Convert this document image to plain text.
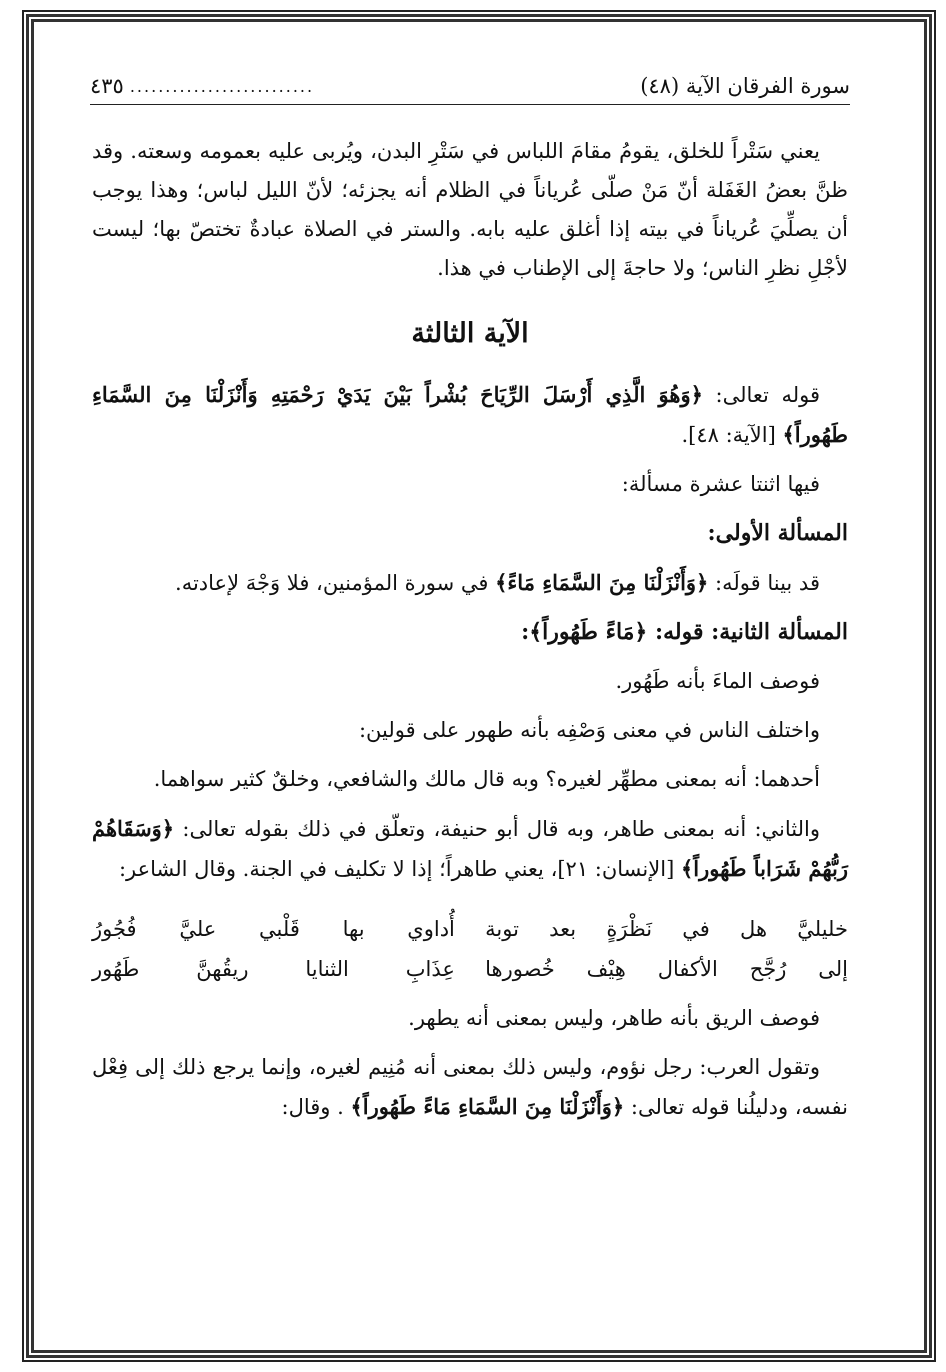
سورة الفرقان الآية (٤٨)
..........................
٤٣٥

يعني سَتْراً للخلق، يقومُ مقامَ اللباس في سَتْرِ البدن، ويُربى عليه بعمومه وسعته. وقد ظنَّ بعضُ الغَفَلة أنّ مَنْ صلّى عُرياناً في الظلام أنه يجزئه؛ لأنّ الليل لباس؛ وهذا يوجب أن يصلِّيَ عُرياناً في بيته إذا أغلق عليه بابه. والستر في الصلاة عبادةٌ تختصّ بها؛ ليست لأجْلِ نظرِ الناس؛ ولا حاجةَ إلى الإطناب في هذا.

الآية الثالثة

قوله تعالى: ﴿وَهُوَ الَّذِي أَرْسَلَ الرِّيَاحَ بُشْراً بَيْنَ يَدَيْ رَحْمَتِهِ وَأَنْزَلْنَا مِنَ السَّمَاءِ طَهُوراً﴾ [الآية: ٤٨].

فيها اثنتا عشرة مسألة:

المسألة الأولى:

قد بينا قولَه: ﴿وَأَنْزَلْنَا مِنَ السَّمَاءِ مَاءً﴾ في سورة المؤمنين، فلا وَجْهَ لإعادته.

المسألة الثانية: قوله: ﴿مَاءً طَهُوراً﴾:

فوصف الماءَ بأنه طَهُور.

واختلف الناس في معنى وَصْفِه بأنه طهور على قولين:

أحدهما: أنه بمعنى مطهِّر لغيره؟ وبه قال مالك والشافعي، وخلقٌ كثير سواهما.

والثاني: أنه بمعنى طاهر، وبه قال أبو حنيفة، وتعلّق في ذلك بقوله تعالى: ﴿وَسَقَاهُمْ رَبُّهُمْ شَرَاباً طَهُوراً﴾ [الإنسان: ٢١]، يعني طاهراً؛ إذا لا تكليف في الجنة. وقال الشاعر:

خليليَّ هل في نَظْرَةٍ بعد توبة
أُداوي بها قَلْبي عليَّ فُجُورُ
إلى رُجَّح الأكفال هِيْف خُصورها
عِذَابِ الثنايا ريقُهنَّ طَهُور

فوصف الريق بأنه طاهر، وليس بمعنى أنه يطهر.

وتقول العرب: رجل نؤوم، وليس ذلك بمعنى أنه مُنِيم لغيره، وإنما يرجع ذلك إلى فِعْل نفسه، ودليلُنا قوله تعالى: ﴿وَأَنْزَلْنَا مِنَ السَّمَاءِ مَاءً طَهُوراً﴾ . وقال:
